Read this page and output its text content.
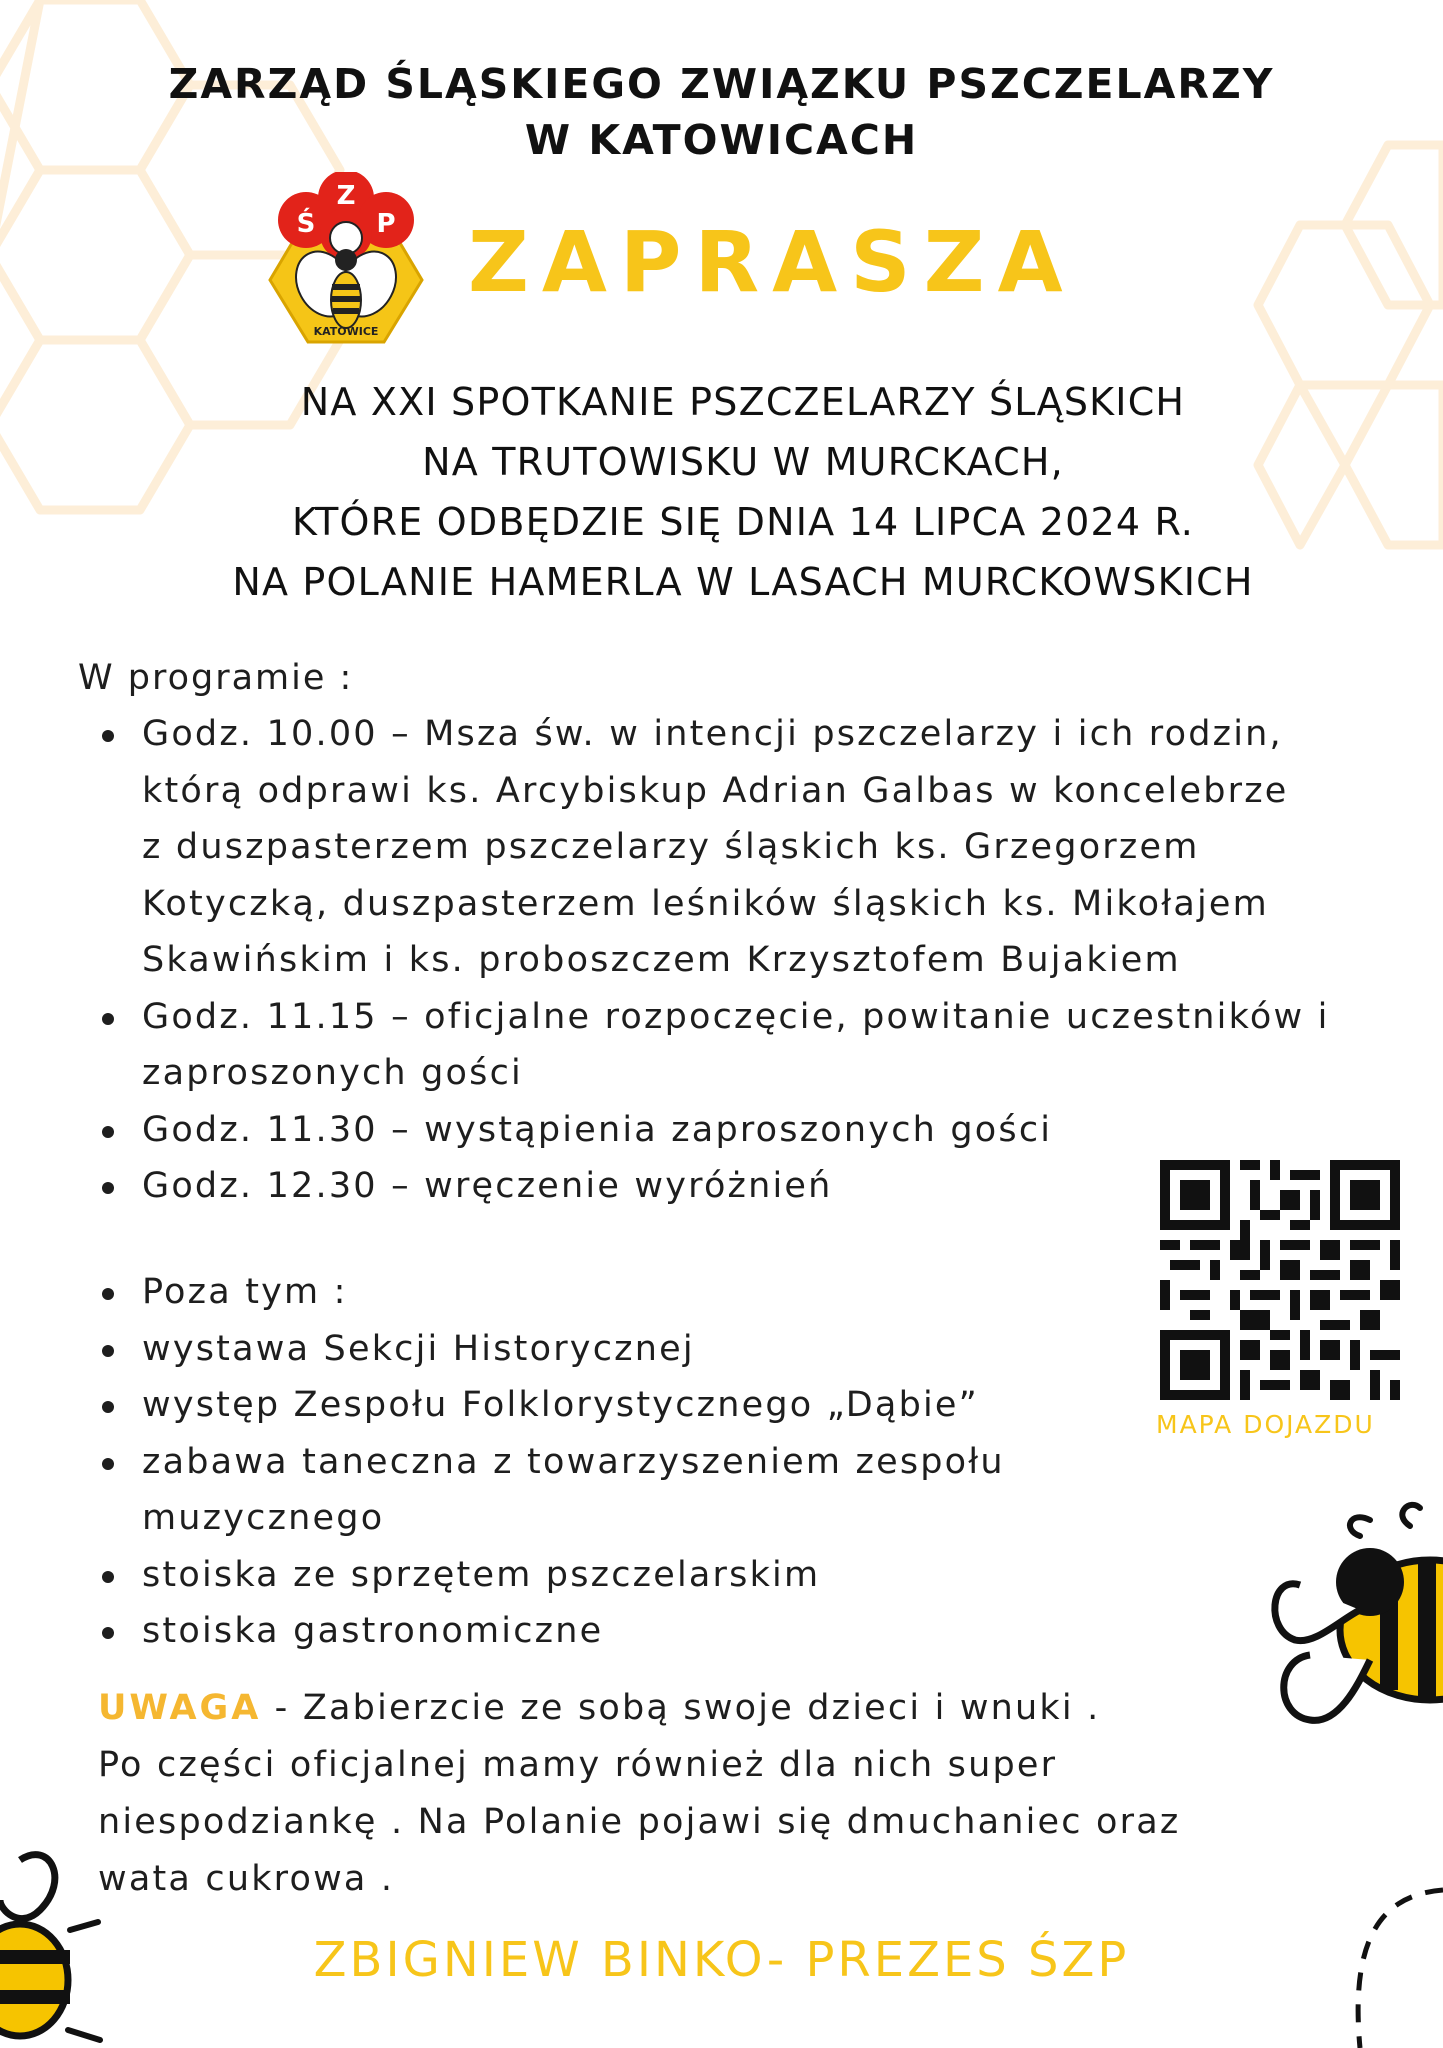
ZARZĄD ŚLĄSKIEGO ZWIĄZKU PSZCZELARZY
W KATOWICACH
Ś
Z
P
KATOWICE
ZAPRASZA
NA XXI SPOTKANIE PSZCZELARZY ŚLĄSKICH
NA TRUTOWISKU W MURCKACH,
KTÓRE ODBĘDZIE SIĘ DNIA 14 LIPCA 2024 R.
NA POLANIE HAMERLA W LASACH MURCKOWSKICH
W programie :
Godz. 10.00 – Msza św. w intencji pszczelarzy i ich rodzin,
którą odprawi ks. Arcybiskup Adrian Galbas w koncelebrze
z duszpasterzem pszczelarzy śląskich ks. Grzegorzem
Kotyczką, duszpasterzem leśników śląskich ks. Mikołajem
Skawińskim i ks. proboszczem Krzysztofem Bujakiem
Godz. 11.15 – oficjalne rozpoczęcie, powitanie uczestników i
zaproszonych gości
Godz. 11.30 – wystąpienia zaproszonych gości
Godz. 12.30 – wręczenie wyróżnień
Poza tym :
wystawa Sekcji Historycznej
występ Zespołu Folklorystycznego „Dąbie”
zabawa taneczna z towarzyszeniem zespołu
muzycznego
stoiska ze sprzętem pszczelarskim
stoiska gastronomiczne
MAPA DOJAZDU
UWAGA - Zabierzcie ze sobą swoje dzieci i wnuki .
Po części oficjalnej mamy również dla nich super
niespodziankę . Na Polanie pojawi się dmuchaniec oraz
wata cukrowa .
ZBIGNIEW BINKO- PREZES ŚZP
